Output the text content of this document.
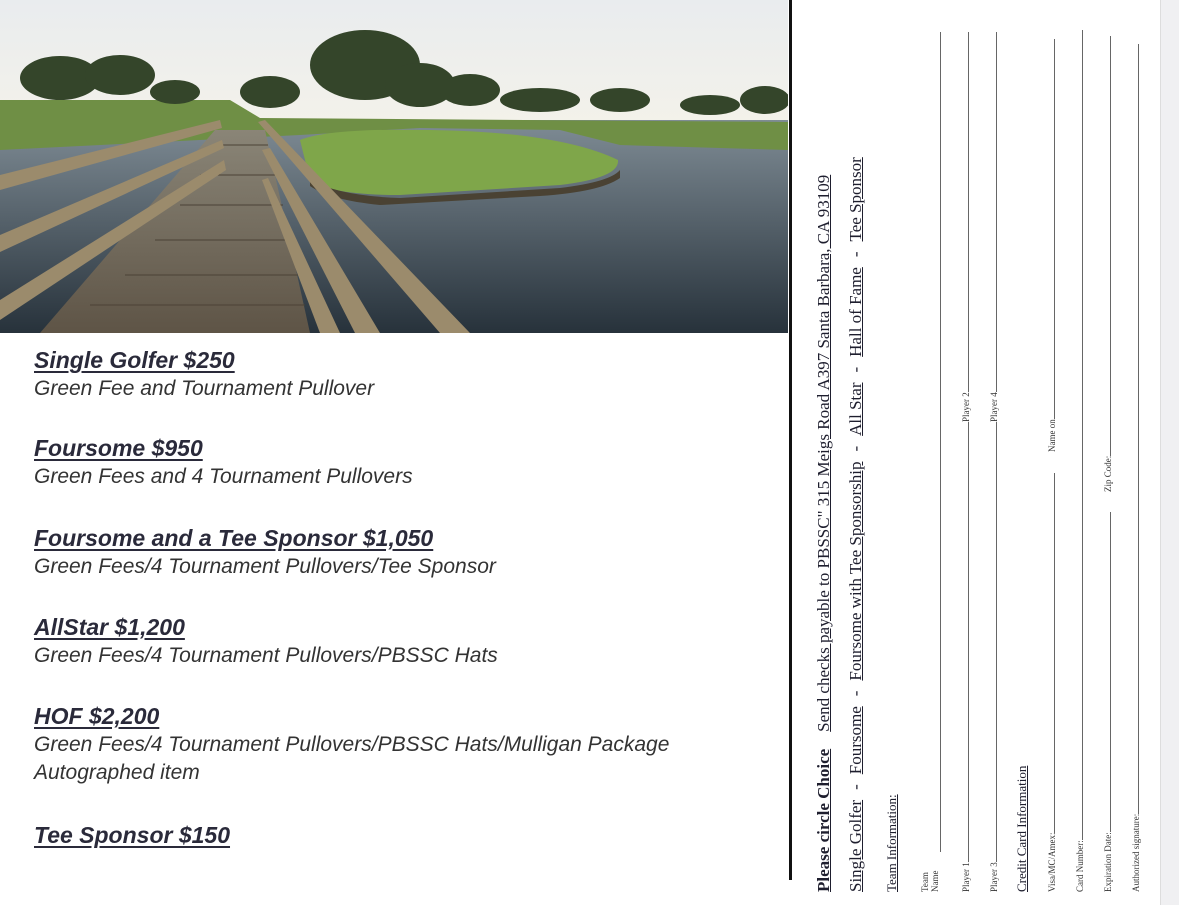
Single Golfer $250
Green Fee and Tournament Pullover
Foursome $950
Green Fees and 4 Tournament Pullovers
Foursome and a Tee Sponsor $1,050
Green Fees/4 Tournament Pullovers/Tee Sponsor
AllStar $1,200
Green Fees/4 Tournament Pullovers/PBSSC Hats
HOF $2,200
Green Fees/4 Tournament Pullovers/PBSSC Hats/Mulligan Package
Autographed item
Tee Sponsor $150	Please circle Choice    Send checks payable to PBSSC" 315 Meigs Road A397 Santa Barbara, CA 93109
Single Golfer-Foursome-Foursome with Tee Sponsorship-All Star-Hall of Fame-Tee Sponsor
Team Information: Team Name Player 1
Player 2
Player 3
Player 4
Credit Card Information Visa/MC/Amex:
Name on
Card Number: Expiration Date:
Zip Code:
Authorized signature:
